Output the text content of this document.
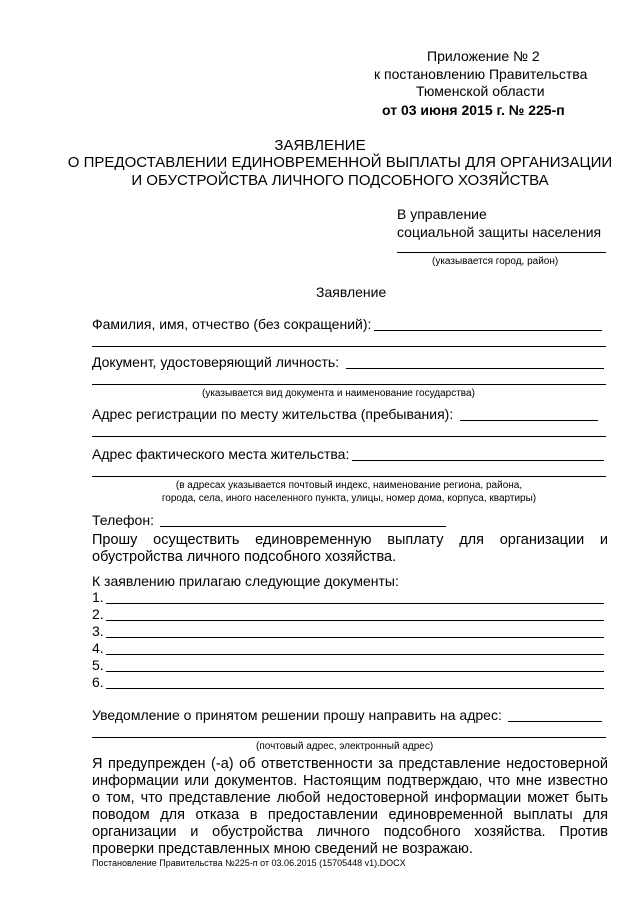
Приложение № 2
к постановлению Правительства
Тюменской области
от 03 июня 2015 г. № 225-п
ЗАЯВЛЕНИЕ
О ПРЕДОСТАВЛЕНИИ ЕДИНОВРЕМЕННОЙ ВЫПЛАТЫ ДЛЯ ОРГАНИЗАЦИИ
И ОБУСТРОЙСТВА ЛИЧНОГО ПОДСОБНОГО ХОЗЯЙСТВА
В управление
социальной защиты населения
(указывается город, район)
Заявление
Фамилия, имя, отчество (без сокращений):
Документ, удостоверяющий личность:
(указывается вид документа и наименование государства)
Адрес регистрации по месту жительства (пребывания):
Адрес фактического места жительства:
(в адресах указывается почтовый индекс, наименование региона, района,
города, села, иного населенного пункта, улицы, номер дома, корпуса, квартиры)
Телефон:
Прошу осуществить единовременную выплату для организации и обустройства личного подсобного хозяйства.
К заявлению прилагаю следующие документы:
1.
2.
3.
4.
5.
6.
Уведомление о принятом решении прошу направить на адрес:
(почтовый адрес, электронный адрес)
Я предупрежден (-а) об ответственности за представление недостоверной информации или документов. Настоящим подтверждаю, что мне известно о том, что представление любой недостоверной информации может быть поводом для отказа в предоставлении единовременной выплаты для организации и обустройства личного подсобного хозяйства. Против проверки представленных мною сведений не возражаю.
Постановление Правительства №225-п от 03.06.2015 (15705448 v1).DOCX
